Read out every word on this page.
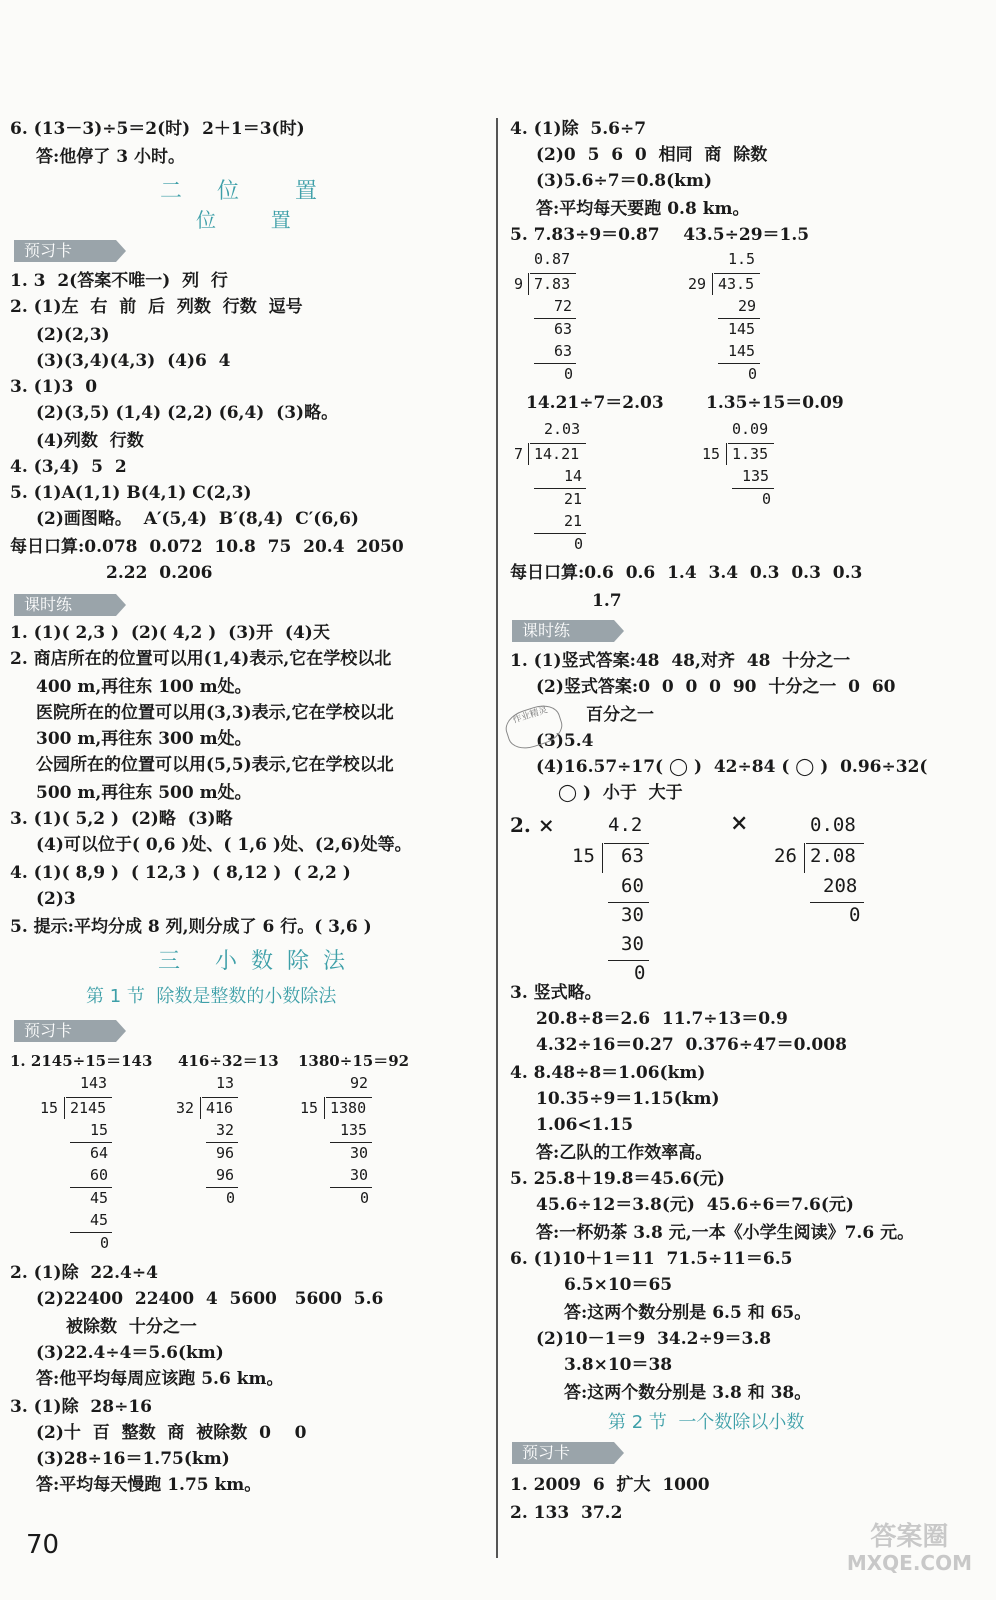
6. (13－3)÷5＝2(时)  2＋1＝3(时)
答:他停了 3 小时。
二 位  置
位  置
预习卡
1. 3  2(答案不唯一)  列  行
2. (1)左  右  前  后  列数  行数  逗号
(2)(2,3)
(3)(3,4)(4,3)  (4)6  4
3. (1)3  0
(2)(3,5) (1,4) (2,2) (6,4)  (3)略。
(4)列数  行数
4. (3,4)  5  2
5. (1)A(1,1) B(4,1) C(2,3)
(2)画图略。  A′(5,4)  B′(8,4)  C′(6,6)
每日口算:0.078  0.072  10.8  75  20.4  2050
2.22  0.206
课时练
1. (1)( 2,3 )  (2)( 4,2 )  (3)开  (4)天
2. 商店所在的位置可以用(1,4)表示,它在学校以北
400 m,再往东 100 m处。
医院所在的位置可以用(3,3)表示,它在学校以北
300 m,再往东 300 m处。
公园所在的位置可以用(5,5)表示,它在学校以北
500 m,再往东 500 m处。
3. (1)( 5,2 )  (2)略  (3)略
(4)可以位于( 0,6 )处、( 1,6 )处、(2,6)处等。
4. (1)( 8,9 )  ( 12,3 )  ( 8,12 )  ( 2,2 )
(2)3
5. 提示:平均分成 8 列,则分成了 6 行。( 3,6 )
三 小数除法
第 1 节  除数是整数的小数除法
预习卡
1. 2145÷15＝143 416÷32＝13 1380÷15＝92
143
15 2145
15
64
60
45
45
0
13
32 416
32
96
96
0
92
15 1380
135
30
30
0
2. (1)除  22.4÷4
(2)22400  22400  4  5600   5600  5.6
被除数  十分之一
(3)22.4÷4＝5.6(km)
答:他平均每周应该跑 5.6 km。
3. (1)除  28÷16
(2)十  百  整数  商  被除数  0    0
(3)28÷16＝1.75(km)
答:平均每天慢跑 1.75 km。
4. (1)除  5.6÷7
(2)0  5  6  0  相同  商  除数
(3)5.6÷7＝0.8(km)
答:平均每天要跑 0.8 km。
5. 7.83÷9＝0.87    43.5÷29＝1.5
0.87
9 7.83
72
63
63
0
1.5
29 43.5
29
145
145
0
14.21÷7＝2.03 1.35÷15＝0.09
2.03
7 14.21
14
21
21
0
0.09
15 1.35
135
0
每日口算:0.6  0.6  1.4  3.4  0.3  0.3  0.3
1.7
课时练
1. (1)竖式答案:48  48,对齐  48  十分之一
(2)竖式答案:0  0  0  0  90  十分之一  0  60
百分之一
(3)5.4
(4)16.57÷17( ◯ )  42÷84 ( ◯ )  0.96÷32(
◯ )  小于  大于
2. ×	×
4.2
15 63
60
30
30
0
0.08
26 2.08
208
0
3. 竖式略。
20.8÷8＝2.6  11.7÷13＝0.9
4.32÷16＝0.27  0.376÷47＝0.008
4. 8.48÷8＝1.06(km)
10.35÷9＝1.15(km)
1.06<1.15
答:乙队的工作效率高。
5. 25.8＋19.8＝45.6(元)
45.6÷12＝3.8(元)  45.6÷6＝7.6(元)
答:一杯奶茶 3.8 元,一本《小学生阅读》7.6 元。
6. (1)10＋1＝11  71.5÷11＝6.5
6.5×10＝65
答:这两个数分别是 6.5 和 65。
(2)10－1＝9  34.2÷9＝3.8
3.8×10＝38
答:这两个数分别是 3.8 和 38。
第 2 节  一个数除以小数
预习卡
1. 2009  6  扩大  1000
2. 133  37.2
作业精灵
70	答案圈
MXQE.COM
